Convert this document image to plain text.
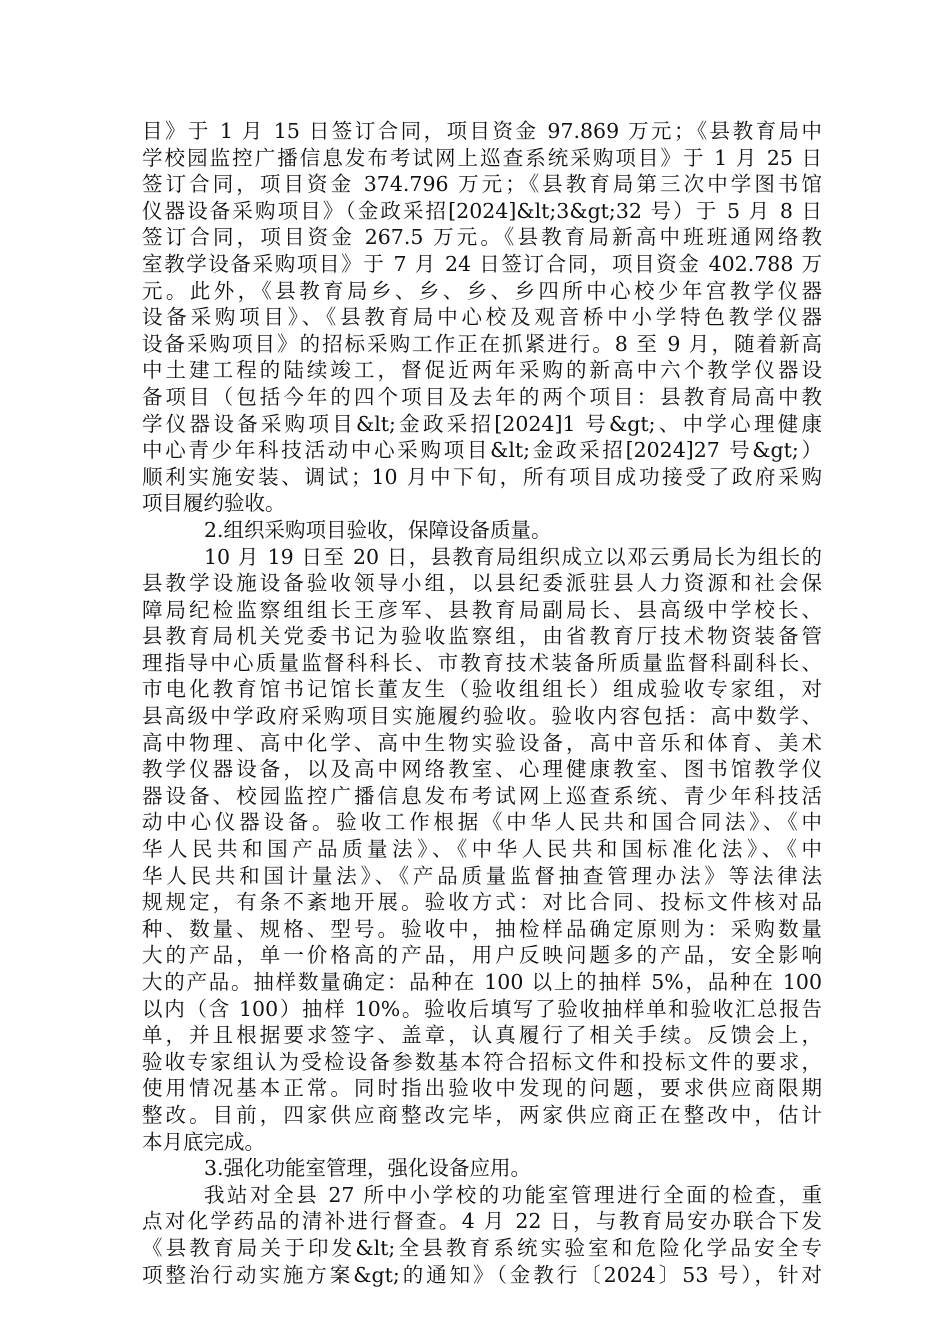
目》于 1 月 15 日签订合同，项目资金 97.869 万元；《县教育局中
学校园监控广播信息发布考试网上巡查系统采购项目》于 1 月 25 日
签订合同，项目资金 374.796 万元；《县教育局第三次中学图书馆
仪器设备采购项目》（金政采招[2024]&lt;3&gt;32 号）于 5 月 8 日
签订合同，项目资金 267.5 万元。《县教育局新高中班班通网络教
室教学设备采购项目》于 7 月 24 日签订合同，项目资金 402.788 万
元。此外，《县教育局乡、乡、乡、乡四所中心校少年宫教学仪器
设备采购项目》、《县教育局中心校及观音桥中小学特色教学仪器
设备采购项目》的招标采购工作正在抓紧进行。8 至 9 月，随着新高
中土建工程的陆续竣工，督促近两年采购的新高中六个教学仪器设
备项目（包括今年的四个项目及去年的两个项目：县教育局高中教
学仪器设备采购项目&lt;金政采招[2024]1 号&gt;、中学心理健康
中心青少年科技活动中心采购项目&lt;金政采招[2024]27 号&gt;）
顺利实施安装、调试；10 月中下旬，所有项目成功接受了政府采购
项目履约验收。
2.组织采购项目验收，保障设备质量。
10 月 19 日至 20 日，县教育局组织成立以邓云勇局长为组长的
县教学设施设备验收领导小组，以县纪委派驻县人力资源和社会保
障局纪检监察组组长王彦军、县教育局副局长、县高级中学校长、
县教育局机关党委书记为验收监察组，由省教育厅技术物资装备管
理指导中心质量监督科科长、市教育技术装备所质量监督科副科长、
市电化教育馆书记馆长董友生（验收组组长）组成验收专家组，对
县高级中学政府采购项目实施履约验收。验收内容包括：高中数学、
高中物理、高中化学、高中生物实验设备，高中音乐和体育、美术
教学仪器设备，以及高中网络教室、心理健康教室、图书馆教学仪
器设备、校园监控广播信息发布考试网上巡查系统、青少年科技活
动中心仪器设备。验收工作根据《中华人民共和国合同法》、《中
华人民共和国产品质量法》、《中华人民共和国标准化法》、《中
华人民共和国计量法》、《产品质量监督抽查管理办法》等法律法
规规定，有条不紊地开展。验收方式：对比合同、投标文件核对品
种、数量、规格、型号。验收中，抽检样品确定原则为：采购数量
大的产品，单一价格高的产品，用户反映问题多的产品，安全影响
大的产品。抽样数量确定：品种在 100 以上的抽样 5%，品种在 100
以内（含 100）抽样 10%。验收后填写了验收抽样单和验收汇总报告
单，并且根据要求签字、盖章，认真履行了相关手续。反馈会上，
验收专家组认为受检设备参数基本符合招标文件和投标文件的要求，
使用情况基本正常。同时指出验收中发现的问题，要求供应商限期
整改。目前，四家供应商整改完毕，两家供应商正在整改中，估计
本月底完成。
3.强化功能室管理，强化设备应用。
我站对全县 27 所中小学校的功能室管理进行全面的检查，重
点对化学药品的清补进行督查。4 月 22 日，与教育局安办联合下发
《县教育局关于印发&lt;全县教育系统实验室和危险化学品安全专
项整治行动实施方案&gt;的通知》（金教行〔2024〕53 号），针对
